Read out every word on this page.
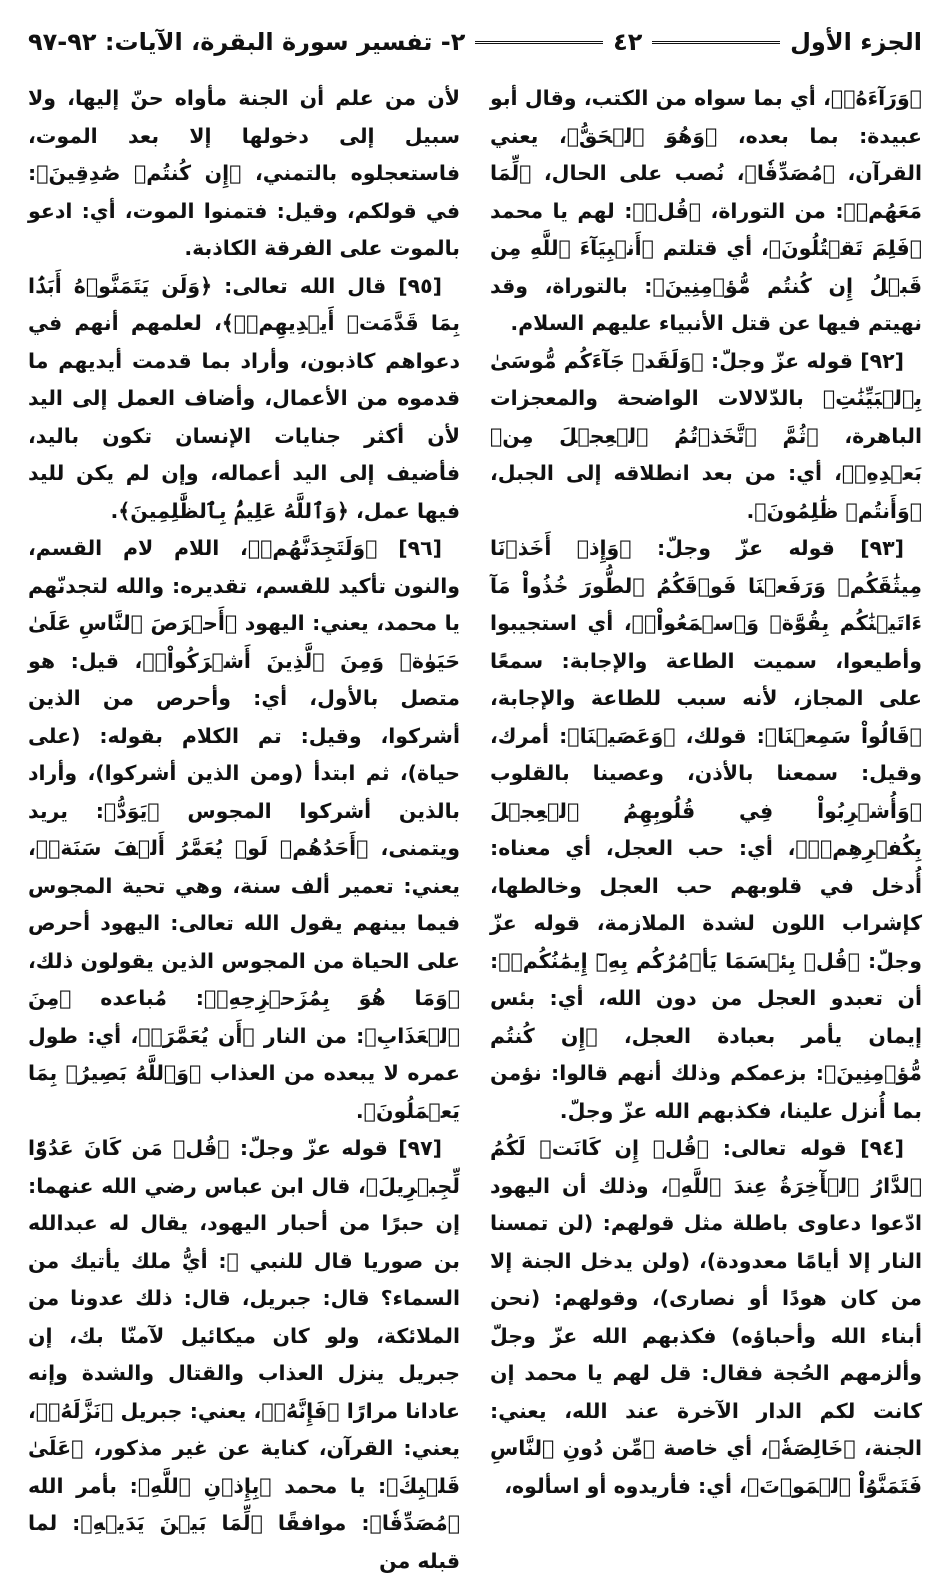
الجزء الأول
٤٢
٢- تفسير سورة البقرة، الآيات: ٩٢-٩٧

﴿وَرَآءَهُۥ﴾، أي بما سواه من الكتب، وقال أبو عبيدة: بما بعده، ﴿وَهُوَ ٱلۡحَقُّ﴾، يعني القرآن، ﴿مُصَدِّقٗا﴾، نُصب على الحال، ﴿لِّمَا مَعَهُمۡ﴾: من التوراة، ﴿قُلۡ﴾: لهم يا محمد ﴿فَلِمَ تَقۡتُلُونَ﴾، أي قتلتم ﴿أَنۢبِيَآءَ ٱللَّهِ مِن قَبۡلُ إِن كُنتُم مُّؤۡمِنِينَ﴾: بالتوراة، وقد نهيتم فيها عن قتل الأنبياء عليهم السلام.

[٩٢] قوله عزّ وجلّ: ﴿وَلَقَدۡ جَآءَكُم مُّوسَىٰ بِٱلۡبَيِّنَٰتِ﴾ بالدّلالات الواضحة والمعجزات الباهرة، ﴿ثُمَّ ٱتَّخَذۡتُمُ ٱلۡعِجۡلَ مِنۢ بَعۡدِهِۦ﴾، أي: من بعد انطلاقه إلى الجبل، ﴿وَأَنتُمۡ ظَٰلِمُونَ﴾.

[٩٣] قوله عزّ وجلّ: ﴿وَإِذۡ أَخَذۡنَا مِيثَٰقَكُمۡ وَرَفَعۡنَا فَوۡقَكُمُ ٱلطُّورَ خُذُواْ مَآ ءَاتَيۡنَٰكُم بِقُوَّةٖ وَٱسۡمَعُواْۖ﴾، أي استجيبوا وأطيعوا، سميت الطاعة والإجابة: سمعًا على المجاز، لأنه سبب للطاعة والإجابة، ﴿قَالُواْ سَمِعۡنَا﴾: قولك، ﴿وَعَصَيۡنَا﴾: أمرك، وقيل: سمعنا بالأذن، وعصينا بالقلوب ﴿وَأُشۡرِبُواْ فِي قُلُوبِهِمُ ٱلۡعِجۡلَ بِكُفۡرِهِمۡۚ﴾، أي: حب العجل، أي معناه: أُدخل في قلوبهم حب العجل وخالطها، كإشراب اللون لشدة الملازمة، قوله عزّ وجلّ: ﴿قُلۡ بِئۡسَمَا يَأۡمُرُكُم بِهِۦٓ إِيمَٰنُكُمۡ﴾: أن تعبدو العجل من دون الله، أي: بئس إيمان يأمر بعبادة العجل، ﴿إِن كُنتُم مُّؤۡمِنِينَ﴾: بزعمكم وذلك أنهم قالوا: نؤمن بما أُنزل علينا، فكذبهم الله عزّ وجلّ.

[٩٤] قوله تعالى: ﴿قُلۡ إِن كَانَتۡ لَكُمُ ٱلدَّارُ ٱلۡأٓخِرَةُ عِندَ ٱللَّهِ﴾، وذلك أن اليهود ادّعوا دعاوى باطلة مثل قولهم: (لن تمسنا النار إلا أيامًا معدودة)، (ولن يدخل الجنة إلا من كان هودًا أو نصارى)، وقولهم: (نحن أبناء الله وأحباؤه) فكذبهم الله عزّ وجلّ وألزمهم الحُجة فقال: قل لهم يا محمد إن كانت لكم الدار الآخرة عند الله، يعني: الجنة، ﴿خَالِصَةٗ﴾، أي خاصة ﴿مِّن دُونِ ٱلنَّاسِ فَتَمَنَّوُاْ ٱلۡمَوۡتَ﴾، أي: فأريدوه أو اسألوه،

لأن من علم أن الجنة مأواه حنّ إليها، ولا سبيل إلى دخولها إلا بعد الموت، فاستعجلوه بالتمني، ﴿إِن كُنتُمۡ صَٰدِقِينَ﴾: في قولكم، وقيل: فتمنوا الموت، أي: ادعو بالموت على الفرقة الكاذبة.

[٩٥] قال الله تعالى: ﴿وَلَن يَتَمَنَّوۡهُ أَبَدَۢا بِمَا قَدَّمَتۡ أَيۡدِيهِمۡۗ﴾، لعلمهم أنهم في دعواهم كاذبون، وأراد بما قدمت أيديهم ما قدموه من الأعمال، وأضاف العمل إلى اليد لأن أكثر جنايات الإنسان تكون باليد، فأضيف إلى اليد أعماله، وإن لم يكن لليد فيها عمل، ﴿وَٱللَّهُ عَلِيمُۢ بِٱلظَّٰلِمِينَ﴾.

[٩٦] ﴿وَلَتَجِدَنَّهُمۡ﴾، اللام لام القسم، والنون تأكيد للقسم، تقديره: والله لتجدنّهم يا محمد، يعني: اليهود ﴿أَحۡرَصَ ٱلنَّاسِ عَلَىٰ حَيَوٰةٖ وَمِنَ ٱلَّذِينَ أَشۡرَكُواْۚ﴾، قيل: هو متصل بالأول، أي: وأحرص من الذين أشركوا، وقيل: تم الكلام بقوله: (على حياة)، ثم ابتدأ (ومن الذين أشركوا)، وأراد بالذين أشركوا المجوس ﴿يَوَدُّ﴾: يريد ويتمنى، ﴿أَحَدُهُمۡ لَوۡ يُعَمَّرُ أَلۡفَ سَنَةٖ﴾، يعني: تعمير ألف سنة، وهي تحية المجوس فيما بينهم يقول الله تعالى: اليهود أحرص على الحياة من المجوس الذين يقولون ذلك، ﴿وَمَا هُوَ بِمُزَحۡزِحِهِۦ﴾: مُباعده ﴿مِنَ ٱلۡعَذَابِ﴾: من النار ﴿أَن يُعَمَّرَۗ﴾، أي: طول عمره لا يبعده من العذاب ﴿وَٱللَّهُ بَصِيرُۢ بِمَا يَعۡمَلُونَ﴾.

[٩٧] قوله عزّ وجلّ: ﴿قُلۡ مَن كَانَ عَدُوّٗا لِّجِبۡرِيلَ﴾، قال ابن عباس رضي الله عنهما: إن حبرًا من أحبار اليهود، يقال له عبدالله بن صوريا قال للنبي ﷺ: أيُّ ملك يأتيك من السماء؟ قال: جبريل، قال: ذلك عدونا من الملائكة، ولو كان ميكائيل لآمنّا بك، إن جبريل ينزل العذاب والقتال والشدة وإنه عادانا مرارًا ﴿فَإِنَّهُۥ﴾، يعني: جبريل ﴿نَزَّلَهُۥ﴾، يعني: القرآن، كناية عن غير مذكور، ﴿عَلَىٰ قَلۡبِكَ﴾: يا محمد ﴿بِإِذۡنِ ٱللَّهِ﴾: بأمر الله ﴿مُصَدِّقٗا﴾: موافقًا ﴿لِّمَا بَيۡنَ يَدَيۡهِ﴾: لما قبله من
